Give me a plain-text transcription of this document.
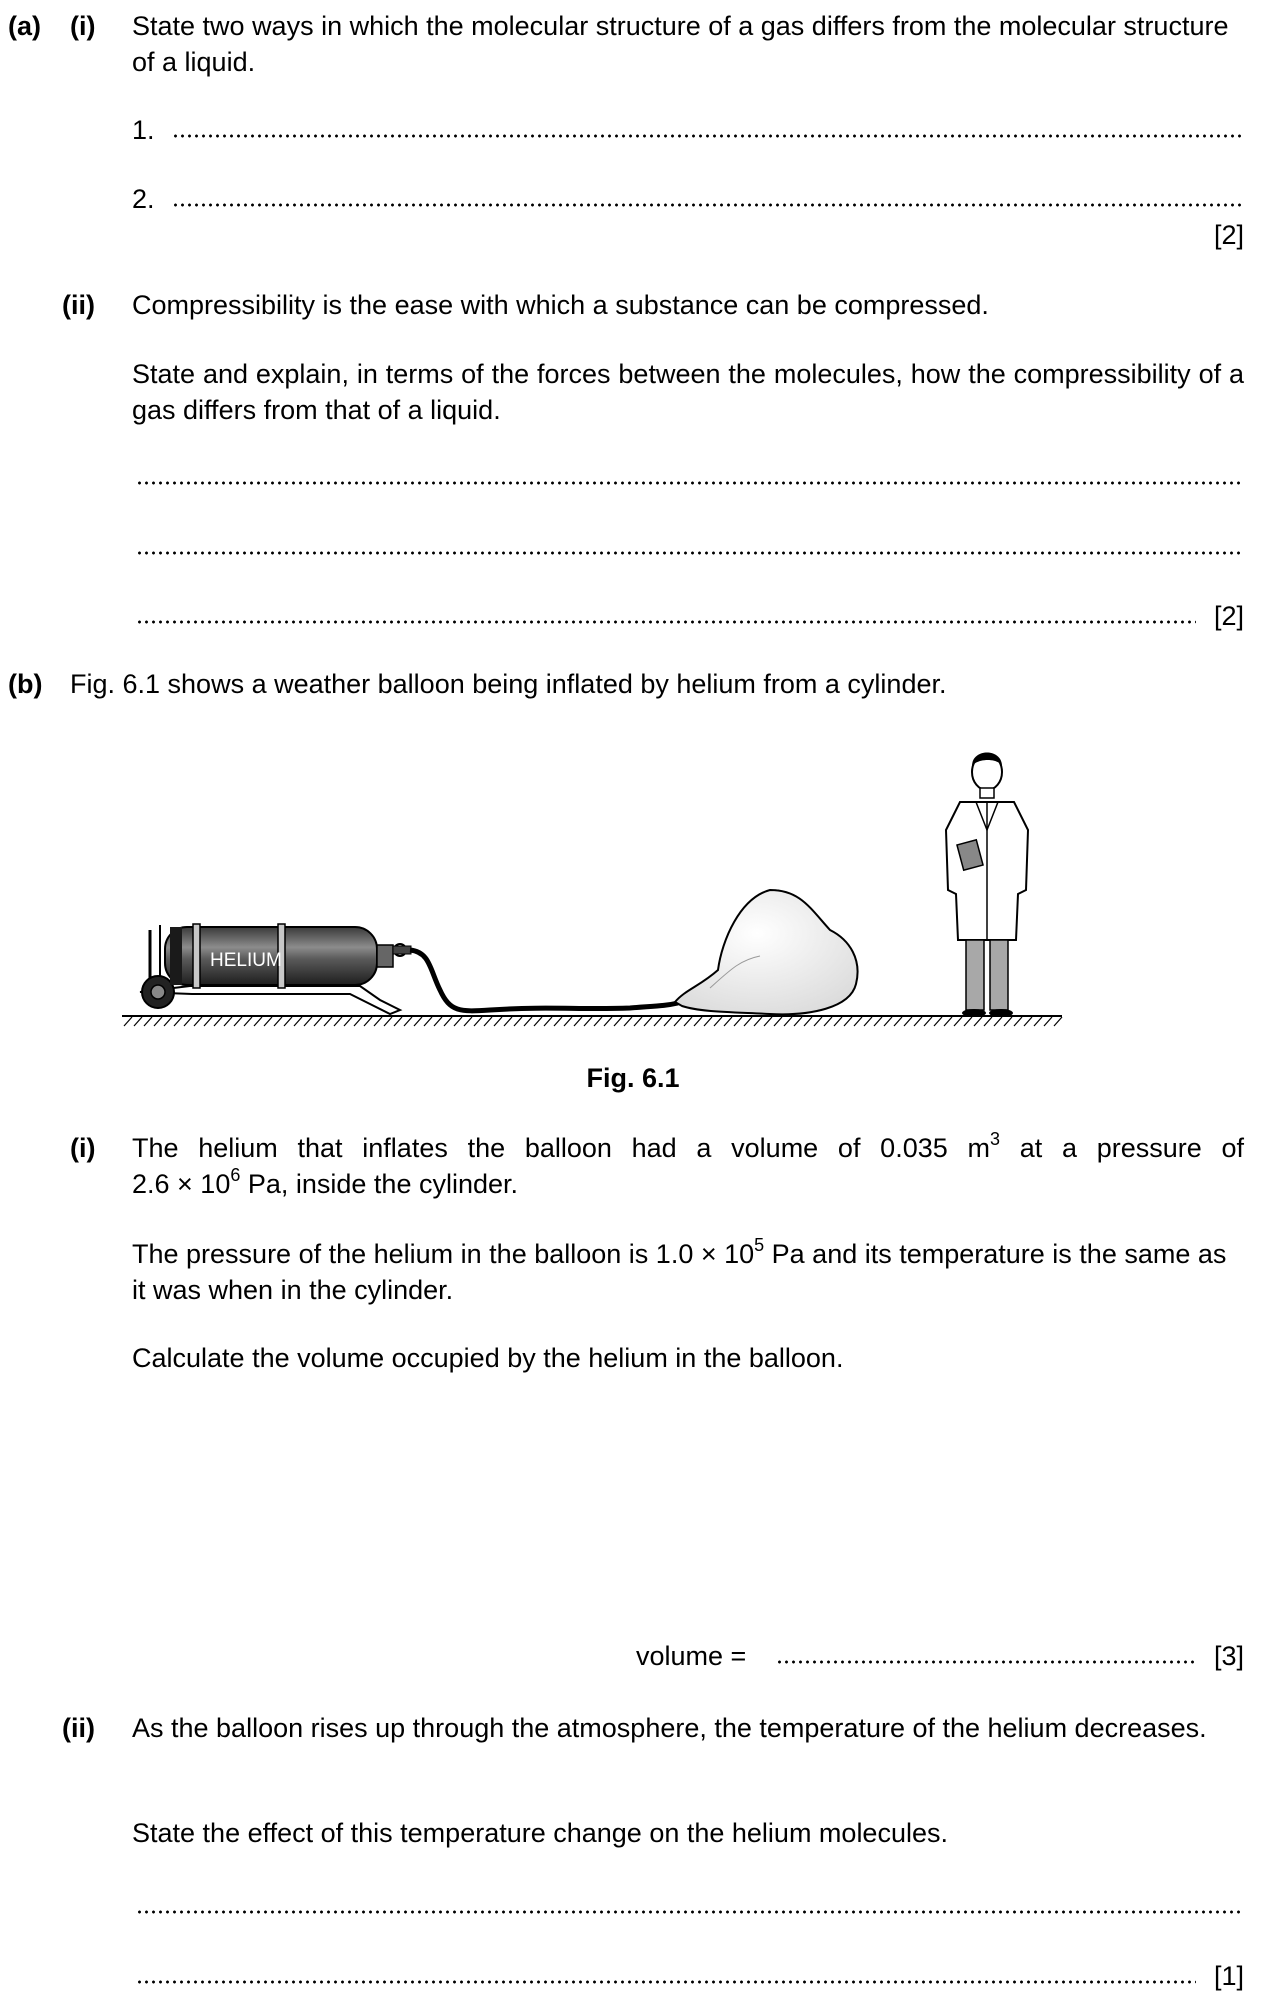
(a) (i) State two ways in which the molecular structure of a gas differs from the molecular structure of a liquid.
1.
2.
[2]
(ii) Compressibility is the ease with which a substance can be compressed.
State and explain, in terms of the forces between the molecules, how the compressibility of a gas differs from that of a liquid.
[2]
(b) Fig. 6.1 shows a weather balloon being inflated by helium from a cylinder.
HELIUM
Fig. 6.1
(i) The helium that inflates the balloon had a volume of 0.035 $m^3$ at a pressure of
$2.6 \times 10^6$ Pa, inside the cylinder.
The pressure of the helium in the balloon is $1.0 \times 10^5$ Pa and its temperature is the same as it was when in the cylinder.
Calculate the volume occupied by the helium in the balloon.
volume =	[3]
(ii) As the balloon rises up through the atmosphere, the temperature of the helium decreases.
State the effect of this temperature change on the helium molecules.
[1]
